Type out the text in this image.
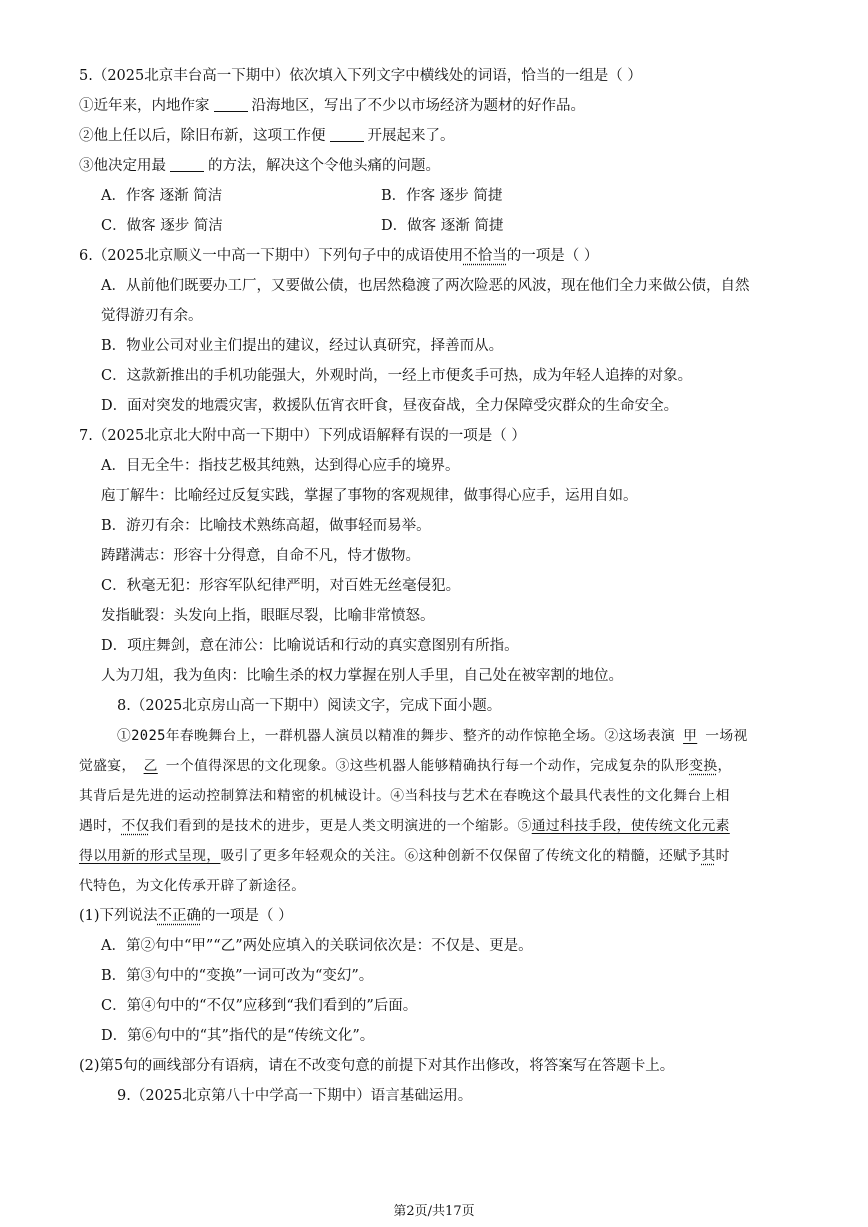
5.（2025北京丰台高一下期中）依次填入下列文字中横线处的词语，恰当的一组是（ ）
①近年来，内地作家	沿海地区，写出了不少以市场经济为题材的好作品。
②他上任以后，除旧布新，这项工作便	开展起来了。
③他决定用最	的方法，解决这个令他头痛的问题。
A．作客 逐渐 简洁	B．作客 逐步 简捷
C．做客 逐步 简洁	D．做客 逐渐 简捷
6.（2025北京顺义一中高一下期中）下列句子中的成语使用不恰当的一项是（ ）
A．从前他们既要办工厂，又要做公债，也居然稳渡了两次险恶的风波，现在他们全力来做公债，自然
觉得游刃有余。
B．物业公司对业主们提出的建议，经过认真研究，择善而从。
C．这款新推出的手机功能强大，外观时尚，一经上市便炙手可热，成为年轻人追捧的对象。
D．面对突发的地震灾害，救援队伍宵衣旰食，昼夜奋战，全力保障受灾群众的生命安全。
7.（2025北京北大附中高一下期中）下列成语解释有误的一项是（ ）
A．目无全牛：指技艺极其纯熟，达到得心应手的境界。
庖丁解牛：比喻经过反复实践，掌握了事物的客观规律，做事得心应手，运用自如。
B．游刃有余：比喻技术熟练高超，做事轻而易举。
踌躇满志：形容十分得意，自命不凡，恃才傲物。
C．秋毫无犯：形容军队纪律严明，对百姓无丝毫侵犯。
发指眦裂：头发向上指，眼眶尽裂，比喻非常愤怒。
D．项庄舞剑，意在沛公：比喻说话和行动的真实意图别有所指。
人为刀俎，我为鱼肉：比喻生杀的权力掌握在别人手里，自己处在被宰割的地位。
8.（2025北京房山高一下期中）阅读文字，完成下面小题。
①2025年春晚舞台上，一群机器人演员以精准的舞步、整齐的动作惊艳全场。②这场表演 甲 一场视
觉盛宴， 乙 一个值得深思的文化现象。③这些机器人能够精确执行每一个动作，完成复杂的队形变换，
其背后是先进的运动控制算法和精密的机械设计。④当科技与艺术在春晚这个最具代表性的文化舞台上相
遇时，不仅我们看到的是技术的进步，更是人类文明演进的一个缩影。⑤通过科技手段，使传统文化元素
得以用新的形式呈现，吸引了更多年轻观众的关注。⑥这种创新不仅保留了传统文化的精髓，还赋予其时
代特色，为文化传承开辟了新途径。
(1)下列说法不正确的一项是（ ）
A．第②句中“甲”“乙”两处应填入的关联词依次是：不仅是、更是。
B．第③句中的“变换”一词可改为“变幻”。
C．第④句中的“不仅”应移到“我们看到的”后面。
D．第⑥句中的“其”指代的是“传统文化”。
(2)第5句的画线部分有语病，请在不改变句意的前提下对其作出修改，将答案写在答题卡上。
9.（2025北京第八十中学高一下期中）语言基础运用。
第2页/共17页
